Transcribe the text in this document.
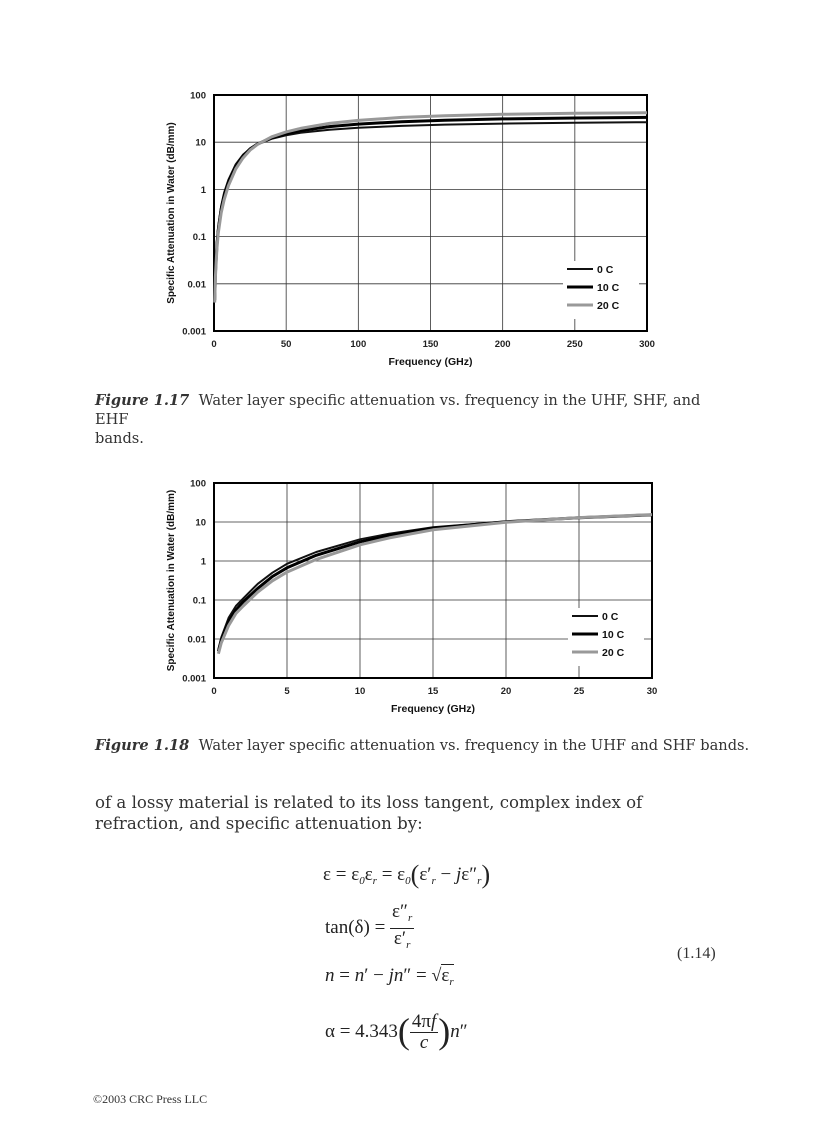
0	50	100	150	200	250	300
0.001
0.01
0.1
1
10
100
Frequency (GHz)
Specific Attenuation in Water (dB/mm)	0 C
10 C
20 C
Figure 1.17 Water layer specific attenuation vs. frequency in the UHF, SHF, and EHF
bands.
0	5	10	15	20	25	30
0.001
0.01
0.1
1
10
100
Frequency (GHz)
Specific Attenuation in Water (dB/mm)	0 C
10 C
20 C
Figure 1.18 Water layer specific attenuation vs. frequency in the UHF and SHF bands.
of a lossy material is related to its loss tangent, complex index of refraction, and specific attenuation by:
$\varepsilon = \varepsilon_0\varepsilon_r = \varepsilon_0(\varepsilon'_r - j\varepsilon''_r)$
$\tan(\delta) = \frac{\varepsilon''_r}{\varepsilon'_r}$
$n = n' - jn'' = √\varepsilon_r$
$\alpha = 4.343( \frac{4\pi f}{c} )n''$
(1.14)
©2003 CRC Press LLC
